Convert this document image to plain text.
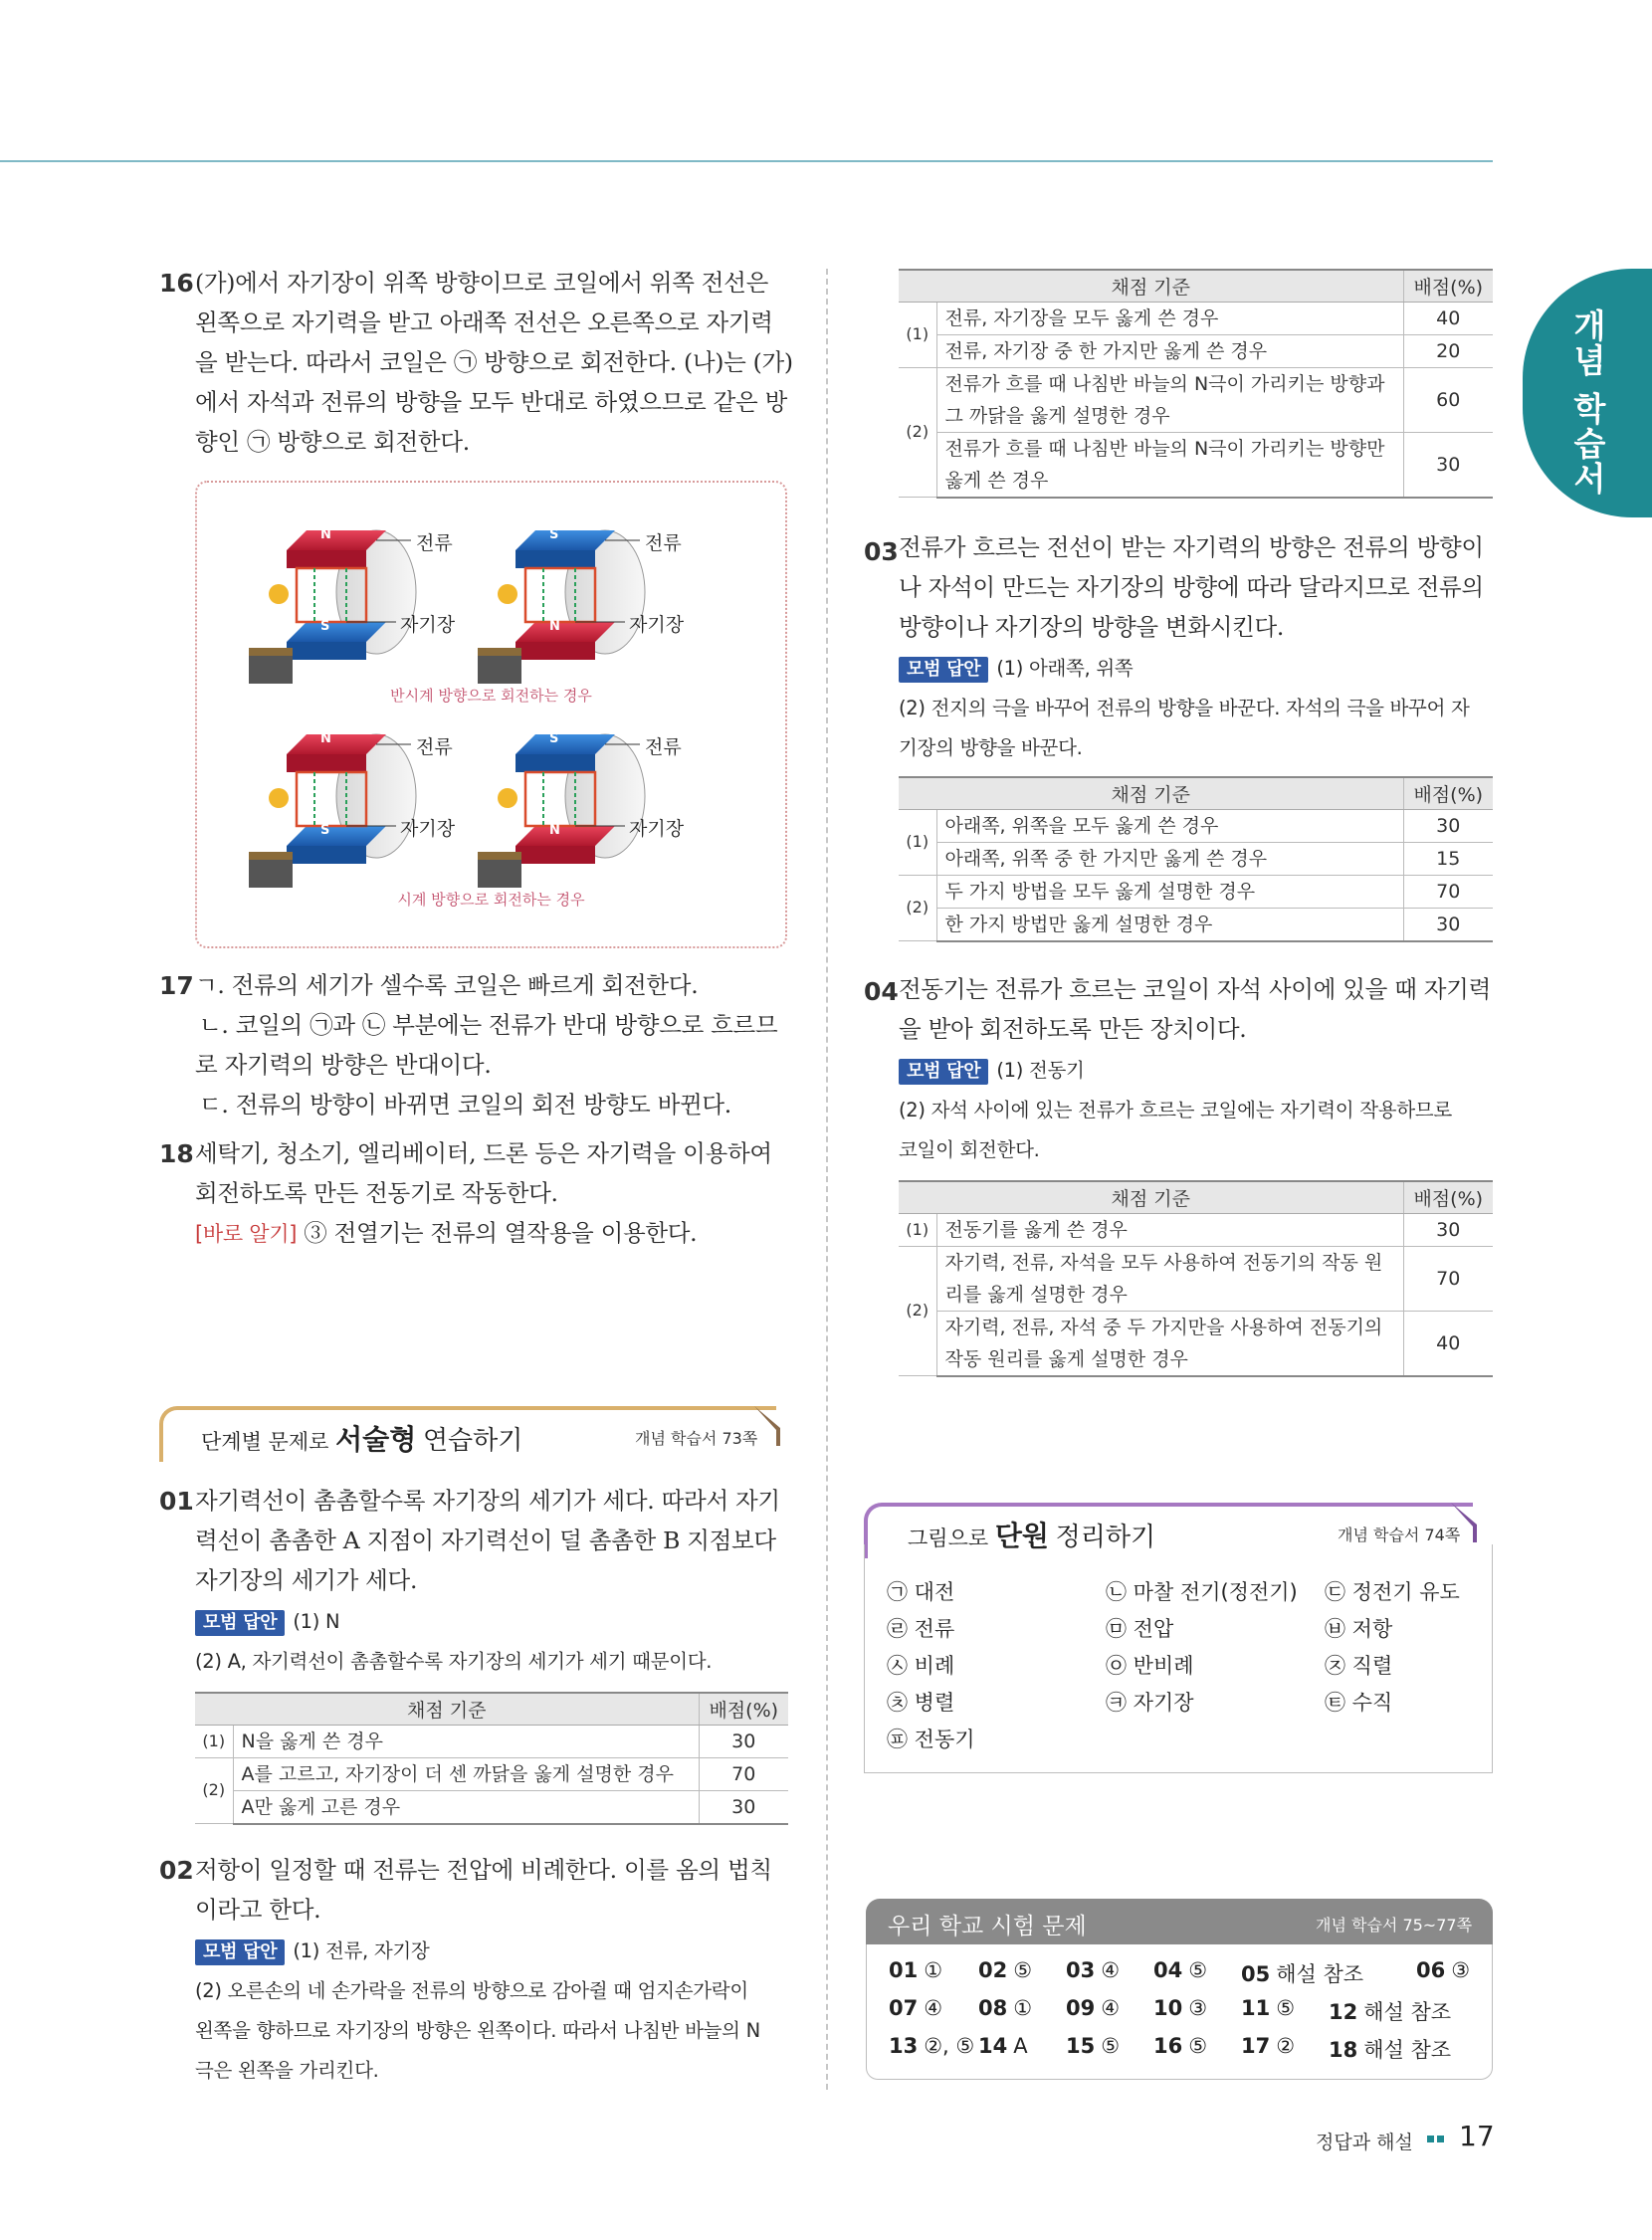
개념 학습서
16 (가)에서 자기장이 위쪽 방향이므로 코일에서 위쪽 전선은
왼쪽으로 자기력을 받고 아래쪽 전선은 오른쪽으로 자기력
을 받는다. 따라서 코일은 ㉠ 방향으로 회전한다. (나)는 (가)
에서 자석과 전류의 방향을 모두 반대로 하였으므로 같은 방
향인 ㉠ 방향으로 회전한다.
N
S
S
N
N
S
S
N
전류
자기장
전류
자기장
전류
자기장
전류
자기장
반시계 방향으로 회전하는 경우
시계 방향으로 회전하는 경우
17 ㄱ. 전류의 세기가 셀수록 코일은 빠르게 회전한다.
ㄴ. 코일의 ㉠과 ㉡ 부분에는 전류가 반대 방향으로 흐르므
로 자기력의 방향은 반대이다.
ㄷ. 전류의 방향이 바뀌면 코일의 회전 방향도 바뀐다.
18 세탁기, 청소기, 엘리베이터, 드론 등은 자기력을 이용하여
회전하도록 만든 전동기로 작동한다.
[바로 알기] ③ 전열기는 전류의 열작용을 이용한다.
단계별 문제로 서술형 연습하기	개념 학습서 73쪽
01 자기력선이 촘촘할수록 자기장의 세기가 세다. 따라서 자기
력선이 촘촘한 A 지점이 자기력선이 덜 촘촘한 B 지점보다
자기장의 세기가 세다.
모범 답안 (1) N
(2) A, 자기력선이 촘촘할수록 자기장의 세기가 세기 때문이다.
채점 기준		배점(%)
(1)	N을 옳게 쓴 경우	30
(2)	A를 고르고, 자기장이 더 센 까닭을 옳게 설명한 경우	70
	A만 옳게 고른 경우	30
02 저항이 일정할 때 전류는 전압에 비례한다. 이를 옴의 법칙
이라고 한다.
모범 답안 (1) 전류, 자기장
(2) 오른손의 네 손가락을 전류의 방향으로 감아쥘 때 엄지손가락이
왼쪽을 향하므로 자기장의 방향은 왼쪽이다. 따라서 나침반 바늘의 N
극은 왼쪽을 가리킨다.
채점 기준		배점(%)
(1)	전류, 자기장을 모두 옳게 쓴 경우	40
	전류, 자기장 중 한 가지만 옳게 쓴 경우	20
(2)	전류가 흐를 때 나침반 바늘의 N극이 가리키는 방향과
그 까닭을 옳게 설명한 경우	60

	전류가 흐를 때 나침반 바늘의 N극이 가리키는 방향만
옳게 쓴 경우	30
03 전류가 흐르는 전선이 받는 자기력의 방향은 전류의 방향이
나 자석이 만드는 자기장의 방향에 따라 달라지므로 전류의
방향이나 자기장의 방향을 변화시킨다.
모범 답안 (1) 아래쪽, 위쪽
(2) 전지의 극을 바꾸어 전류의 방향을 바꾼다. 자석의 극을 바꾸어 자
기장의 방향을 바꾼다.
채점 기준		배점(%)
(1)	아래쪽, 위쪽을 모두 옳게 쓴 경우	30
	아래쪽, 위쪽 중 한 가지만 옳게 쓴 경우	15
(2)	두 가지 방법을 모두 옳게 설명한 경우	70
	한 가지 방법만 옳게 설명한 경우	30
04 전동기는 전류가 흐르는 코일이 자석 사이에 있을 때 자기력
을 받아 회전하도록 만든 장치이다.
모범 답안 (1) 전동기
(2) 자석 사이에 있는 전류가 흐르는 코일에는 자기력이 작용하므로
코일이 회전한다.
채점 기준		배점(%)
(1)	전동기를 옳게 쓴 경우	30
(2)	자기력, 전류, 자석을 모두 사용하여 전동기의 작동 원
리를 옳게 설명한 경우	70

	자기력, 전류, 자석 중 두 가지만을 사용하여 전동기의
작동 원리를 옳게 설명한 경우	40
그림으로 단원 정리하기	개념 학습서 74쪽
㉠ 대전	㉡ 마찰 전기(정전기) ㉢ 정전기 유도
㉣ 전류	㉤ 전압	㉥ 저항
㉦ 비례	㉧ 반비례	㉨ 직렬
㉩ 병렬	㉪ 자기장	㉫ 수직
㉬ 전동기
우리 학교 시험 문제	개념 학습서 75~77쪽
01 ① 02 ⑤ 03 ④ 04 ⑤ 05 해설 참조	06 ③
07 ④ 08 ① 09 ④ 10 ③ 11 ⑤ 12 해설 참조
13 ②, ⑤ 14 A 15 ⑤ 16 ⑤ 17 ② 18 해설 참조
정답과 해설 17
